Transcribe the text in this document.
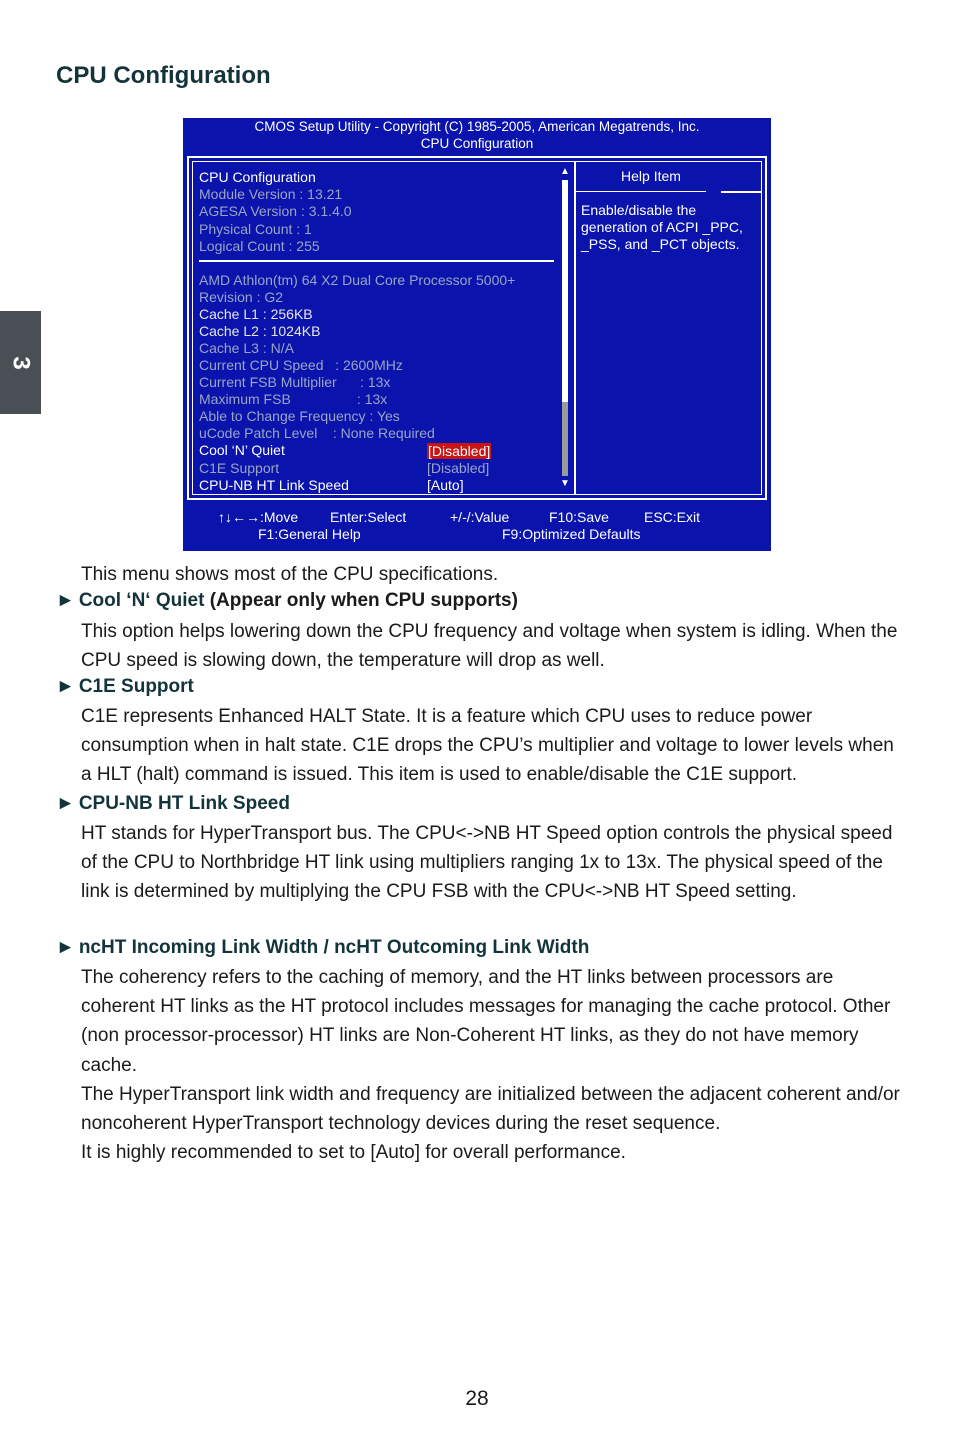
CPU Configuration
3
CMOS Setup Utility - Copyright (C) 1985-2005, American Megatrends, Inc.
CPU Configuration
CPU Configuration
Module Version : 13.21
AGESA Version : 3.1.4.0
Physical Count : 1
Logical Count : 255
AMD Athlon(tm) 64 X2 Dual Core Processor 5000+
Revision : G2
Cache L1 : 256KB
Cache L2 : 1024KB
Cache L3 : N/A
Current CPU Speed   : 2600MHz
Current FSB Multiplier      : 13x
Maximum FSB                 : 13x
Able to Change Frequency : Yes
uCode Patch Level    : None Required
Cool ‘N’ Quiet	[Disabled]
C1E Support	[Disabled]
CPU-NB HT Link Speed	[Auto]
▲
▼
Help Item
Enable/disable the generation of ACPI _PPC, _PSS, and _PCT objects.
↑↓←→:Move Enter:Select	+/-/:Value	F10:Save	ESC:Exit
F1:General Help	F9:Optimized Defaults

This menu shows most of the CPU specifications.

► Cool ‘N‘ Quiet (Appear only when CPU supports)

This option helps lowering down the CPU frequency and voltage when system is idling. When the CPU speed is slowing down, the temperature will drop as well.

► C1E Support

C1E represents Enhanced HALT State. It is a feature which CPU uses to reduce power consumption when in halt state. C1E drops the CPU’s multiplier and voltage to lower levels when a HLT (halt) command is issued. This item is used to enable/disable the C1E support.

► CPU-NB HT Link Speed

HT stands for HyperTransport bus. The CPU<->NB HT Speed option controls the physical speed of the CPU to Northbridge HT link using multipliers ranging 1x to 13x. The physical speed of the link is determined by multiplying the CPU FSB with the CPU<->NB HT Speed setting.

► ncHT Incoming Link Width / ncHT Outcoming Link Width

The coherency refers to the caching of memory, and the HT links between processors are coherent HT links as the HT protocol includes messages for managing the cache protocol. Other (non processor-processor) HT links are Non-Coherent HT links, as they do not have memory cache.

The HyperTransport link width and frequency are initialized between the adjacent coherent and/or noncoherent HyperTransport technology devices during the reset sequence.

It is highly recommended to set to [Auto] for overall performance.

28
